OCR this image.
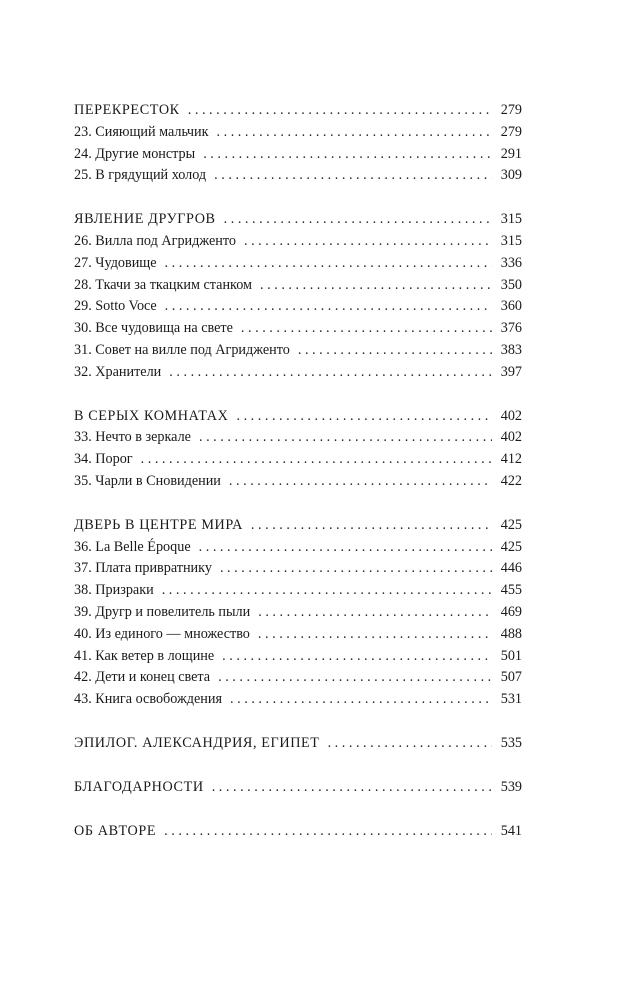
ПЕРЕКРЕСТОК . . .	279
23. Сияющий мальчик . . .	279
24. Другие монстры . . .	291
25. В грядущий холод . . .	309
ЯВЛЕНИЕ ДРУГРОВ . . .	315
26. Вилла под Агридженто . . .	315
27. Чудовище . . .	336
28. Ткачи за ткацким станком . . .	350
29. Sotto Voce . . .	360
30. Все чудовища на свете . . .	376
31. Совет на вилле под Агридженто . . .	383
32. Хранители . . .	397
В СЕРЫХ КОМНАТАХ . . .	402
33. Нечто в зеркале . . .	402
34. Порог . . .	412
35. Чарли в Сновидении . . .	422
ДВЕРЬ В ЦЕНТРЕ МИРА . . .	425
36. La Belle Époque . . .	425
37. Плата привратнику . . .	446
38. Призраки . . .	455
39. Другр и повелитель пыли . . .	469
40. Из единого — множество . . .	488
41. Как ветер в лощине . . .	501
42. Дети и конец света . . .	507
43. Книга освобождения . . .	531
ЭПИЛОГ. АЛЕКСАНДРИЯ, ЕГИПЕТ . . .	535
БЛАГОДАРНОСТИ . . .	539
ОБ АВТОРЕ . . .	541
